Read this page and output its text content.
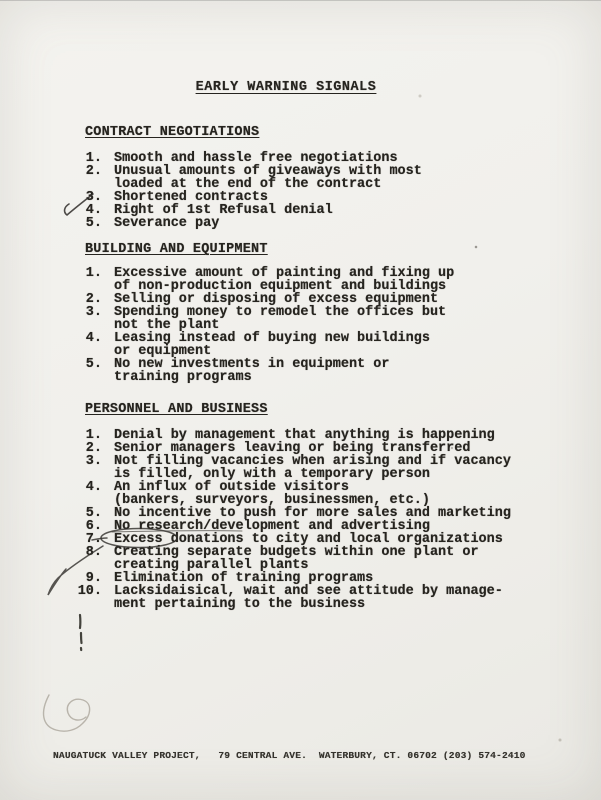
EARLY WARNING SIGNALS
CONTRACT NEGOTIATIONS
1. Smooth and hassle free negotiations
2. Unusual amounts of giveaways with most
loaded at the end of the contract
3. Shortened contracts
4. Right of 1st Refusal denial
5. Severance pay
BUILDING AND EQUIPMENT
1. Excessive amount of painting and fixing up
of non-production equipment and buildings
2. Selling or disposing of excess equipment
3. Spending money to remodel the offices but
not the plant
4. Leasing instead of buying new buildings
or equipment
5. No new investments in equipment or
training programs
PERSONNEL AND BUSINESS
1. Denial by management that anything is happening
2. Senior managers leaving or being transferred
3. Not filling vacancies when arising and if vacancy
is filled, only with a temporary person
4. An influx of outside visitors
(bankers, surveyors, businessmen, etc.)
5. No incentive to push for more sales and marketing
6. No research/development and advertising
7. Excess donations to city and local organizations
8. Creating separate budgets within one plant or
creating parallel plants
9. Elimination of training programs
10. Lacksidaisical, wait and see attitude by manage-
ment pertaining to the business

NAUGATUCK VALLEY PROJECT,   79 CENTRAL AVE.  WATERBURY, CT. 06702 (203) 574-2410
